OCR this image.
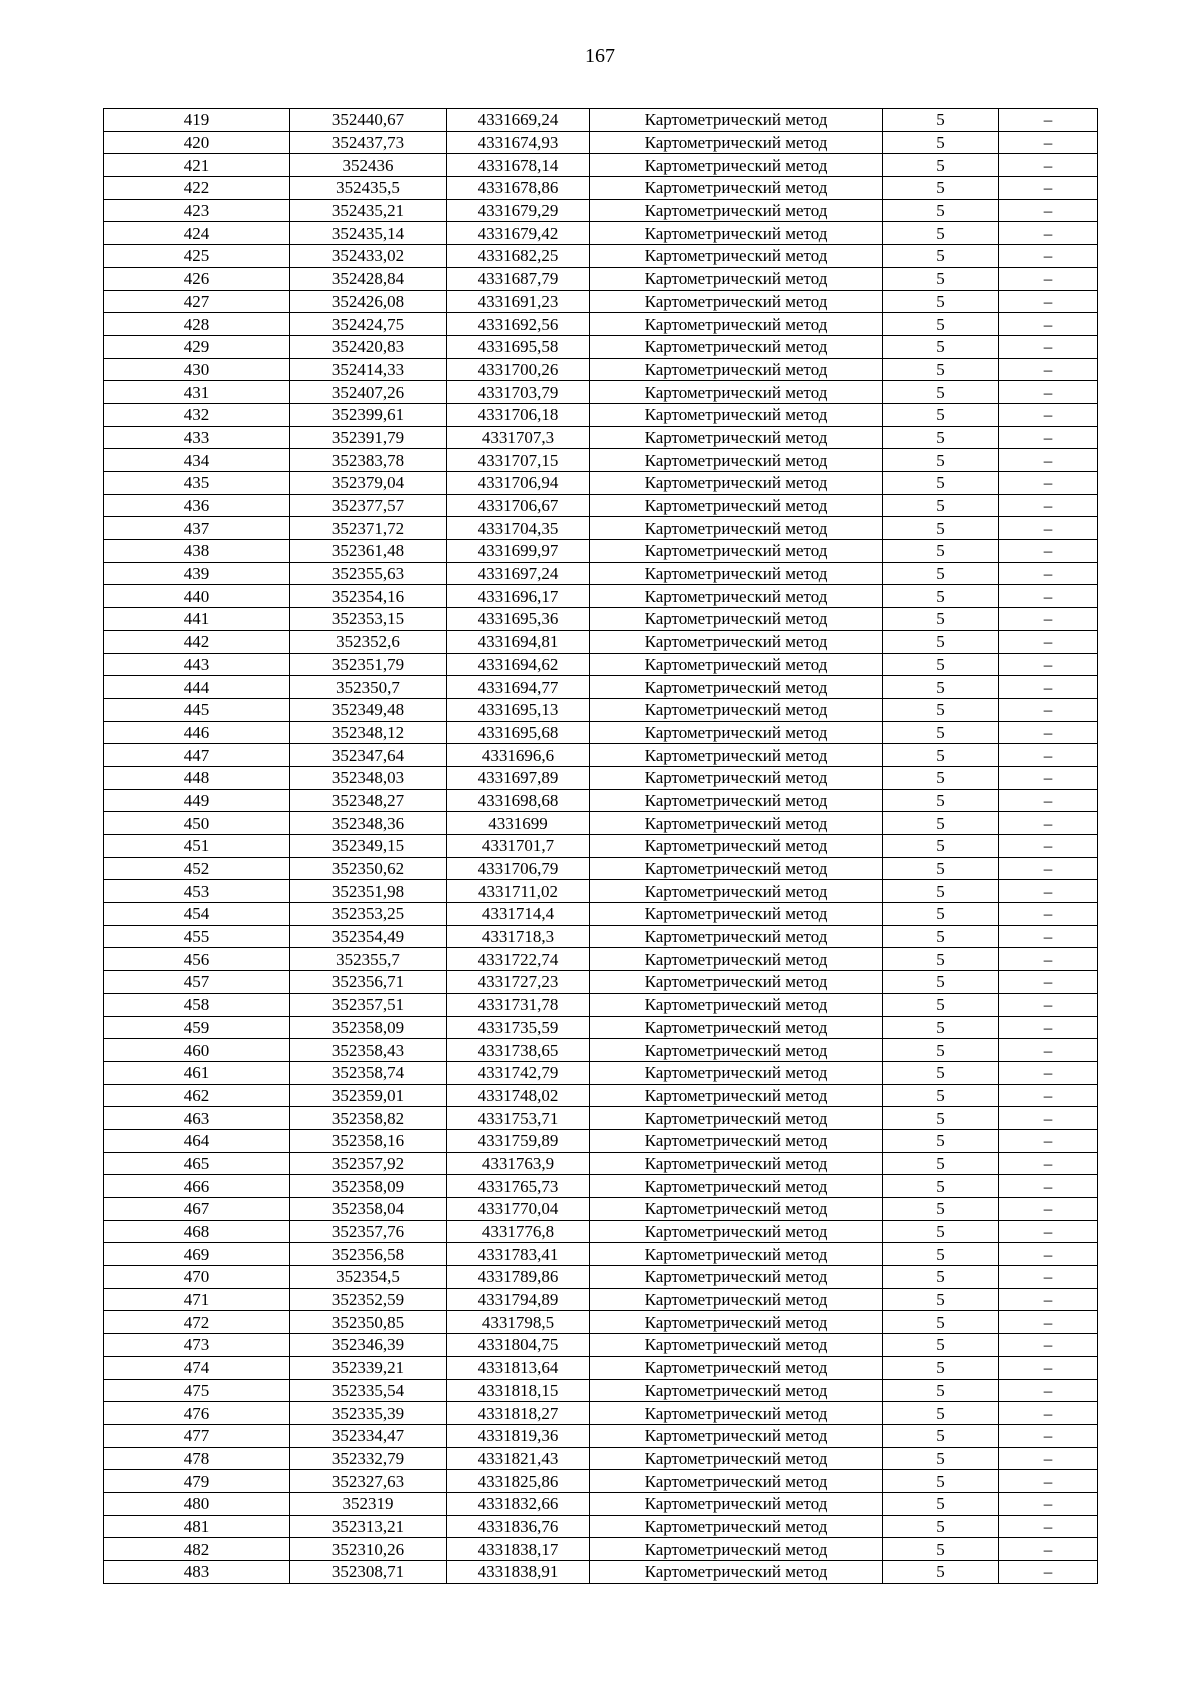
167
419	352440,67	4331669,24	Картометрический метод	5	–
420	352437,73	4331674,93	Картометрический метод	5	–
421	352436	4331678,14	Картометрический метод	5	–
422	352435,5	4331678,86	Картометрический метод	5	–
423	352435,21	4331679,29	Картометрический метод	5	–
424	352435,14	4331679,42	Картометрический метод	5	–
425	352433,02	4331682,25	Картометрический метод	5	–
426	352428,84	4331687,79	Картометрический метод	5	–
427	352426,08	4331691,23	Картометрический метод	5	–
428	352424,75	4331692,56	Картометрический метод	5	–
429	352420,83	4331695,58	Картометрический метод	5	–
430	352414,33	4331700,26	Картометрический метод	5	–
431	352407,26	4331703,79	Картометрический метод	5	–
432	352399,61	4331706,18	Картометрический метод	5	–
433	352391,79	4331707,3	Картометрический метод	5	–
434	352383,78	4331707,15	Картометрический метод	5	–
435	352379,04	4331706,94	Картометрический метод	5	–
436	352377,57	4331706,67	Картометрический метод	5	–
437	352371,72	4331704,35	Картометрический метод	5	–
438	352361,48	4331699,97	Картометрический метод	5	–
439	352355,63	4331697,24	Картометрический метод	5	–
440	352354,16	4331696,17	Картометрический метод	5	–
441	352353,15	4331695,36	Картометрический метод	5	–
442	352352,6	4331694,81	Картометрический метод	5	–
443	352351,79	4331694,62	Картометрический метод	5	–
444	352350,7	4331694,77	Картометрический метод	5	–
445	352349,48	4331695,13	Картометрический метод	5	–
446	352348,12	4331695,68	Картометрический метод	5	–
447	352347,64	4331696,6	Картометрический метод	5	–
448	352348,03	4331697,89	Картометрический метод	5	–
449	352348,27	4331698,68	Картометрический метод	5	–
450	352348,36	4331699	Картометрический метод	5	–
451	352349,15	4331701,7	Картометрический метод	5	–
452	352350,62	4331706,79	Картометрический метод	5	–
453	352351,98	4331711,02	Картометрический метод	5	–
454	352353,25	4331714,4	Картометрический метод	5	–
455	352354,49	4331718,3	Картометрический метод	5	–
456	352355,7	4331722,74	Картометрический метод	5	–
457	352356,71	4331727,23	Картометрический метод	5	–
458	352357,51	4331731,78	Картометрический метод	5	–
459	352358,09	4331735,59	Картометрический метод	5	–
460	352358,43	4331738,65	Картометрический метод	5	–
461	352358,74	4331742,79	Картометрический метод	5	–
462	352359,01	4331748,02	Картометрический метод	5	–
463	352358,82	4331753,71	Картометрический метод	5	–
464	352358,16	4331759,89	Картометрический метод	5	–
465	352357,92	4331763,9	Картометрический метод	5	–
466	352358,09	4331765,73	Картометрический метод	5	–
467	352358,04	4331770,04	Картометрический метод	5	–
468	352357,76	4331776,8	Картометрический метод	5	–
469	352356,58	4331783,41	Картометрический метод	5	–
470	352354,5	4331789,86	Картометрический метод	5	–
471	352352,59	4331794,89	Картометрический метод	5	–
472	352350,85	4331798,5	Картометрический метод	5	–
473	352346,39	4331804,75	Картометрический метод	5	–
474	352339,21	4331813,64	Картометрический метод	5	–
475	352335,54	4331818,15	Картометрический метод	5	–
476	352335,39	4331818,27	Картометрический метод	5	–
477	352334,47	4331819,36	Картометрический метод	5	–
478	352332,79	4331821,43	Картометрический метод	5	–
479	352327,63	4331825,86	Картометрический метод	5	–
480	352319	4331832,66	Картометрический метод	5	–
481	352313,21	4331836,76	Картометрический метод	5	–
482	352310,26	4331838,17	Картометрический метод	5	–
483	352308,71	4331838,91	Картометрический метод	5	–
